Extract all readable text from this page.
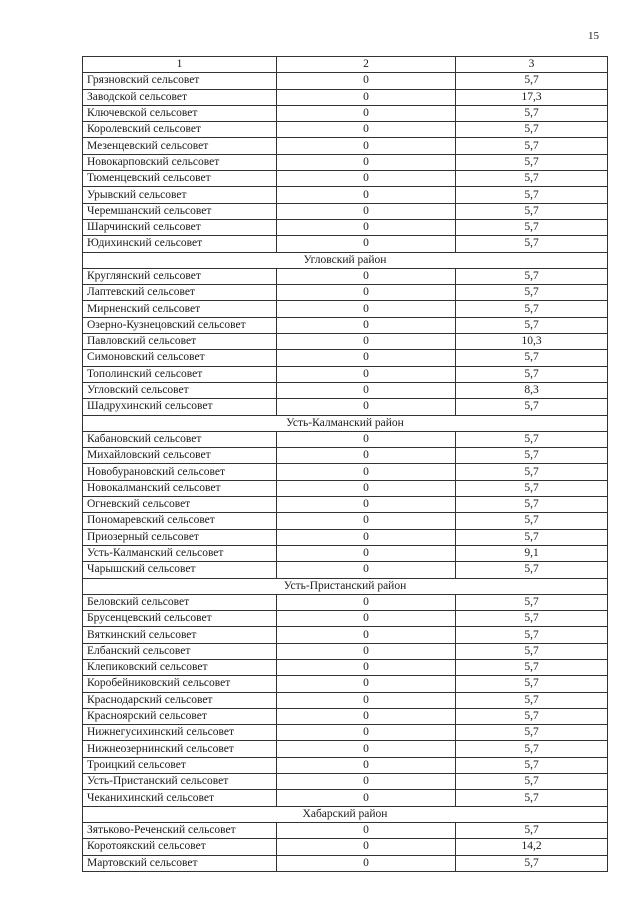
15
1	2	3
Грязновский сельсовет	0	5,7
Заводской сельсовет	0	17,3
Ключевской сельсовет	0	5,7
Королевский сельсовет	0	5,7
Мезенцевский сельсовет	0	5,7
Новокарповский сельсовет	0	5,7
Тюменцевский сельсовет	0	5,7
Урывский сельсовет	0	5,7
Черемшанский сельсовет	0	5,7
Шарчинский сельсовет	0	5,7
Юдихинский сельсовет	0	5,7
Угловский район		
Круглянский сельсовет	0	5,7
Лаптевский сельсовет	0	5,7
Мирненский сельсовет	0	5,7
Озерно-Кузнецовский сельсовет	0	5,7
Павловский сельсовет	0	10,3
Симоновский сельсовет	0	5,7
Тополинский сельсовет	0	5,7
Угловский сельсовет	0	8,3
Шадрухинский сельсовет	0	5,7
Усть-Калманский район		
Кабановский сельсовет	0	5,7
Михайловский сельсовет	0	5,7
Новобурановский сельсовет	0	5,7
Новокалманский сельсовет	0	5,7
Огневский сельсовет	0	5,7
Пономаревский сельсовет	0	5,7
Приозерный сельсовет	0	5,7
Усть-Калманский сельсовет	0	9,1
Чарышский сельсовет	0	5,7
Усть-Пристанский район		
Беловский сельсовет	0	5,7
Брусенцевский сельсовет	0	5,7
Вяткинский сельсовет	0	5,7
Елбанский сельсовет	0	5,7
Клепиковский сельсовет	0	5,7
Коробейниковский сельсовет	0	5,7
Краснодарский сельсовет	0	5,7
Красноярский сельсовет	0	5,7
Нижнегусихинский сельсовет	0	5,7
Нижнеозернинский сельсовет	0	5,7
Троицкий сельсовет	0	5,7
Усть-Пристанский сельсовет	0	5,7
Чеканихинский сельсовет	0	5,7
Хабарский район		
Зятьково-Реченский сельсовет	0	5,7
Коротоякский сельсовет	0	14,2
Мартовский сельсовет	0	5,7
